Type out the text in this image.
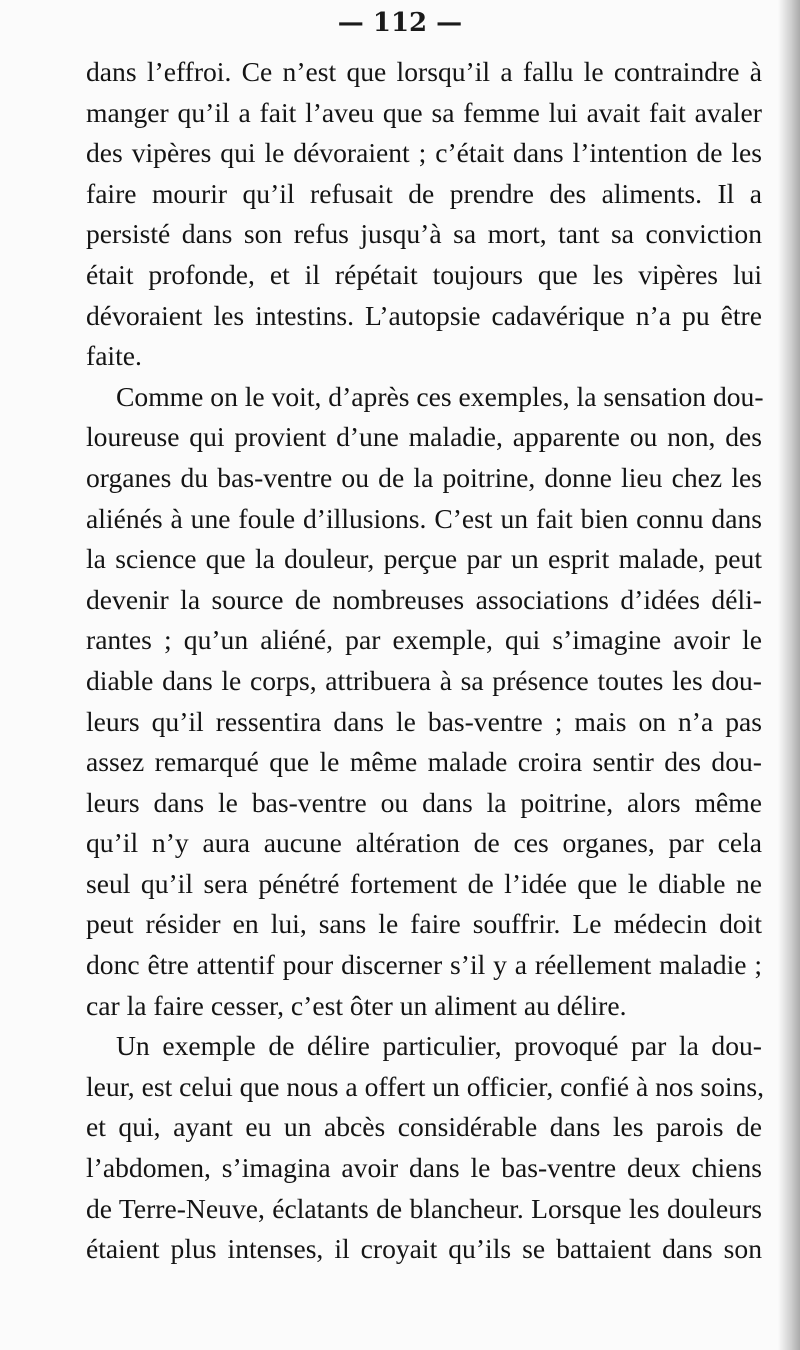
— 112 —

dans l’effroi. Ce n’est que lorsqu’il a fallu le contraindre à
manger qu’il a fait l’aveu que sa femme lui avait fait avaler
des vipères qui le dévoraient ; c’était dans l’intention de les
faire mourir qu’il refusait de prendre des aliments. Il a
persisté dans son refus jusqu’à sa mort, tant sa conviction
était profonde, et il répétait toujours que les vipères lui
dévoraient les intestins. L’autopsie cadavérique n’a pu être
faite.
Comme on le voit, d’après ces exemples, la sensation dou-
loureuse qui provient d’une maladie, apparente ou non, des
organes du bas-ventre ou de la poitrine, donne lieu chez les
aliénés à une foule d’illusions. C’est un fait bien connu dans
la science que la douleur, perçue par un esprit malade, peut
devenir la source de nombreuses associations d’idées déli-
rantes ; qu’un aliéné, par exemple, qui s’imagine avoir le
diable dans le corps, attribuera à sa présence toutes les dou-
leurs qu’il ressentira dans le bas-ventre ; mais on n’a pas
assez remarqué que le même malade croira sentir des dou-
leurs dans le bas-ventre ou dans la poitrine, alors même
qu’il n’y aura aucune altération de ces organes, par cela
seul qu’il sera pénétré fortement de l’idée que le diable ne
peut résider en lui, sans le faire souffrir. Le médecin doit
donc être attentif pour discerner s’il y a réellement maladie ;
car la faire cesser, c’est ôter un aliment au délire.
Un exemple de délire particulier, provoqué par la dou-
leur, est celui que nous a offert un officier, confié à nos soins,
et qui, ayant eu un abcès considérable dans les parois de
l’abdomen, s’imagina avoir dans le bas-ventre deux chiens
de Terre-Neuve, éclatants de blancheur. Lorsque les douleurs
étaient plus intenses, il croyait qu’ils se battaient dans son
